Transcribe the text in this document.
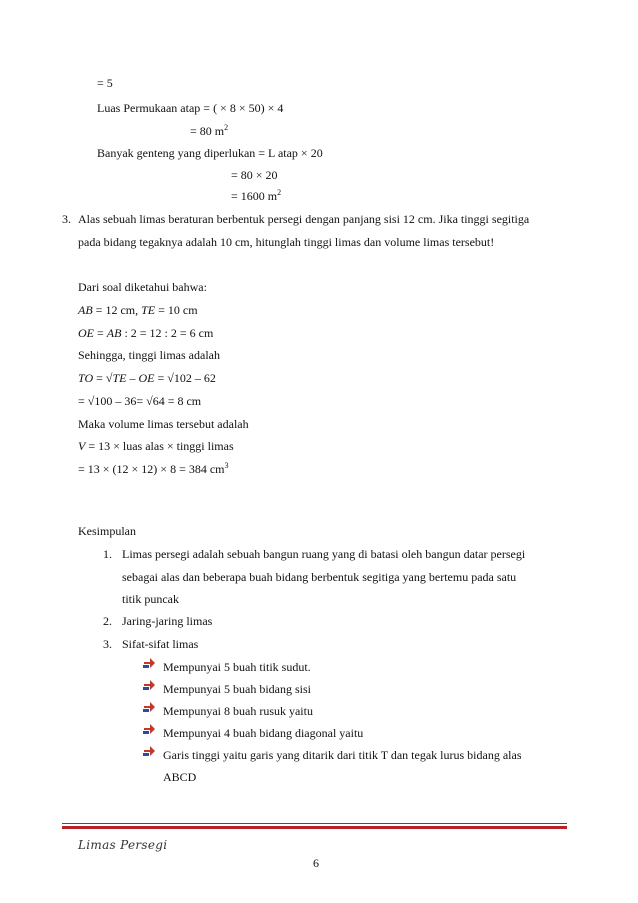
= 5
Luas Permukaan atap = ( × 8 × 50) × 4
= 80 $m^2$
Banyak genteng yang diperlukan = L atap × 20
= 80 × 20
= 1600 $m^2$
3. Alas sebuah limas beraturan berbentuk persegi dengan panjang sisi 12 cm. Jika tinggi segitiga
pada bidang tegaknya adalah 10 cm, hitunglah tinggi limas dan volume limas tersebut!
Dari soal diketahui bahwa:
AB = 12 cm, TE = 10 cm
OE = AB : 2 = 12 : 2 = 6 cm
Sehingga, tinggi limas adalah
TO = √TE – OE = √102 – 62
= √100 – 36= √64 = 8 cm
Maka volume limas tersebut adalah
V = 13 × luas alas × tinggi limas
= 13 × (12 × 12) × 8 = 384 $cm^3$
Kesimpulan
1. Limas persegi adalah sebuah bangun ruang yang di batasi oleh bangun datar persegi
sebagai alas dan beberapa buah bidang berbentuk segitiga yang bertemu pada satu
titik puncak
2. Jaring-jaring limas
3. Sifat-sifat limas
Mempunyai 5 buah titik sudut.
Mempunyai 5 buah bidang sisi
Mempunyai 8 buah rusuk yaitu
Mempunyai 4 buah bidang diagonal yaitu
Garis tinggi yaitu garis yang ditarik dari titik T dan tegak lurus bidang alas
ABCD
Limas Persegi
6
